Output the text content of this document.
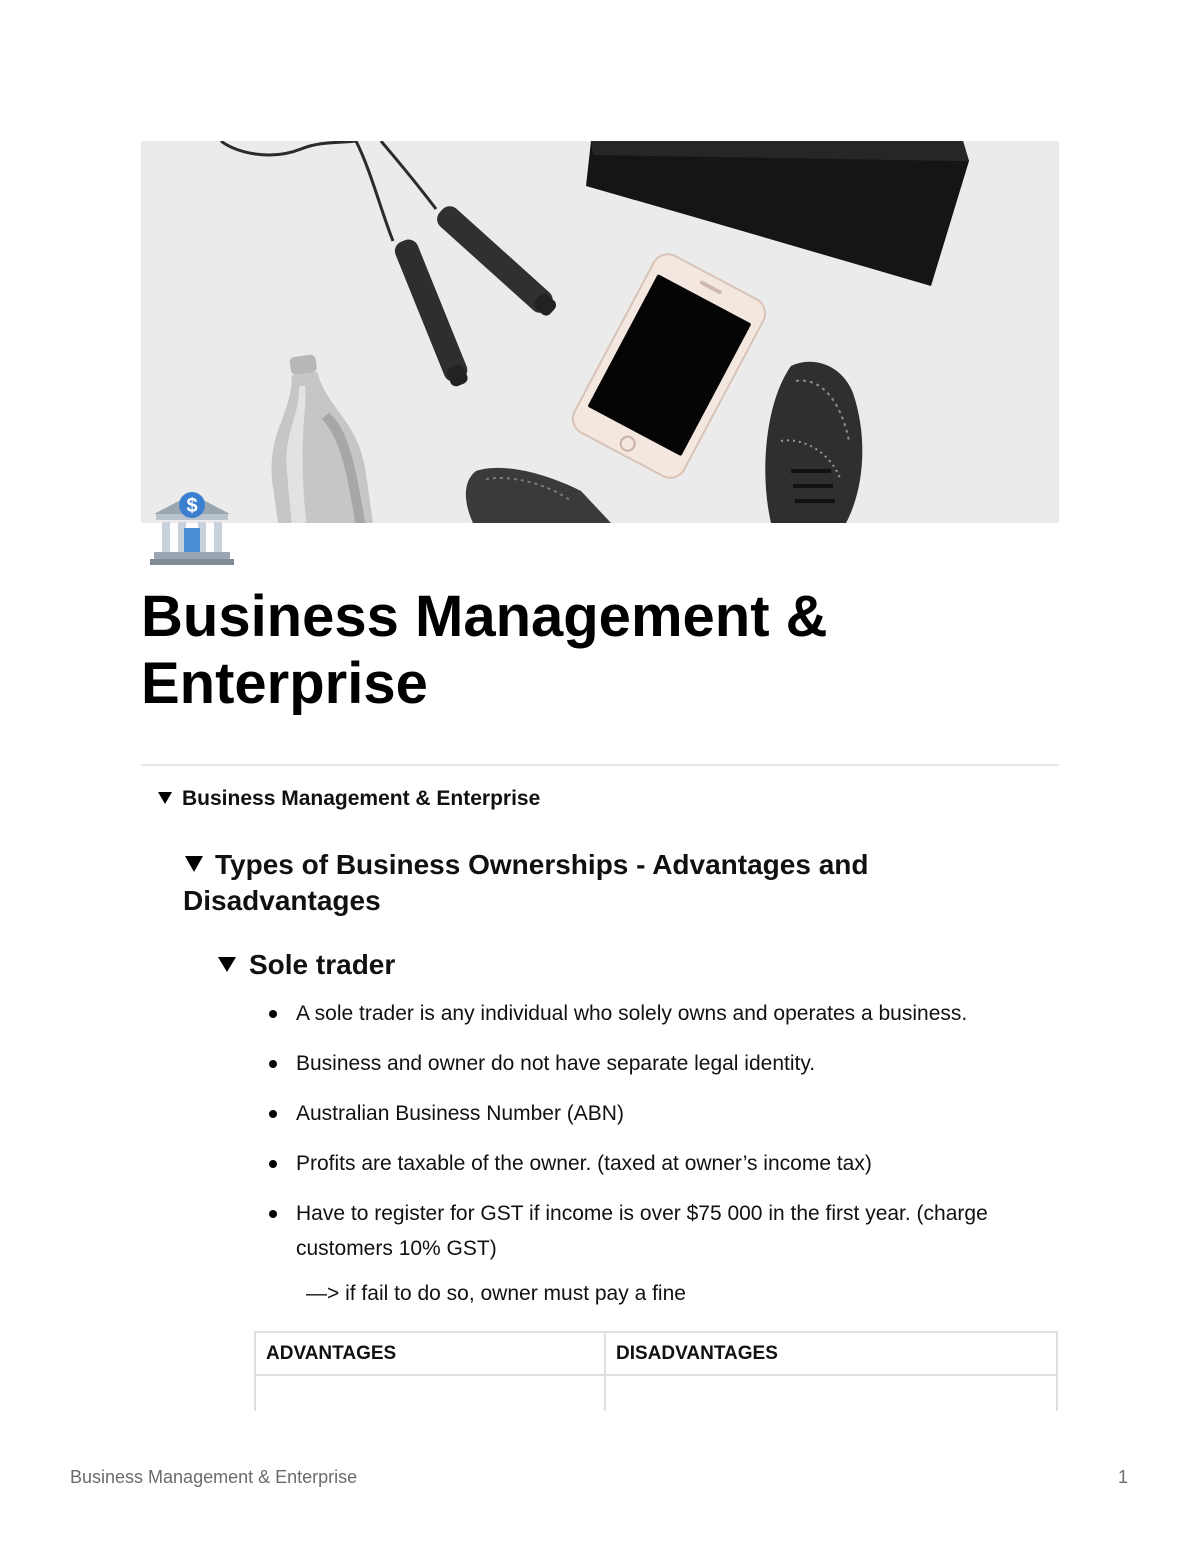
$
Business Management & Enterprise
Business Management & Enterprise
Types of Business Ownerships - Advantages and Disadvantages
Sole trader
A sole trader is any individual who solely owns and operates a business.
Business and owner do not have separate legal identity.
Australian Business Number (ABN)
Profits are taxable of the owner. (taxed at owner’s income tax)
Have to register for GST if income is over $75 000 in the first year. (charge customers 10% GST)
—> if fail to do so, owner must pay a fine
ADVANTAGES	DISADVANTAGES
Business Management & Enterprise	1
